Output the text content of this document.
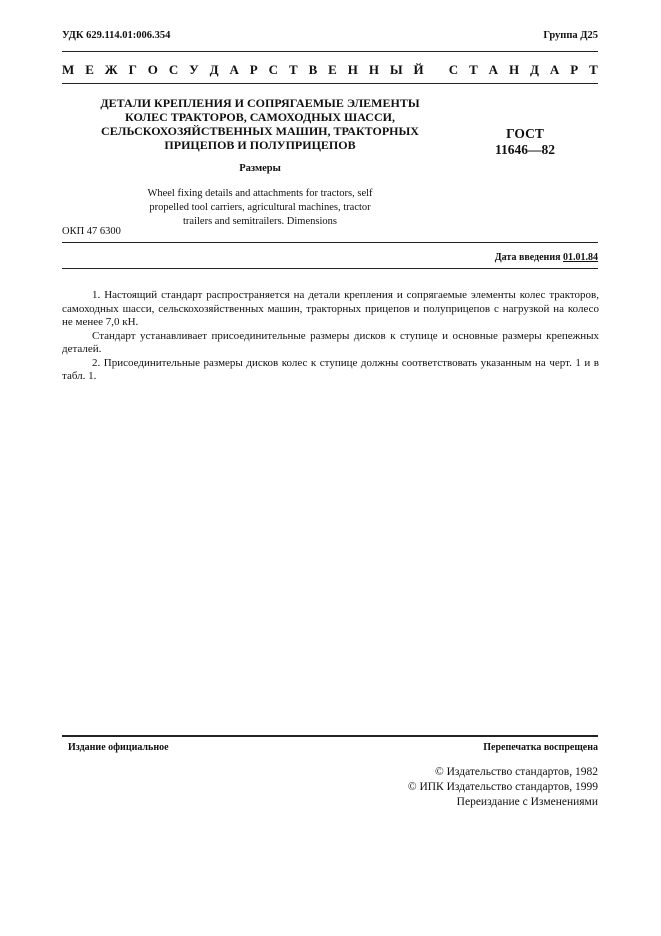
УДК 629.114.01:006.354	Группа Д25
М Е Ж Г О С У Д А Р С Т В Е Н Н Ы Й
С Т А Н Д А Р Т
ДЕТАЛИ КРЕПЛЕНИЯ И СОПРЯГАЕМЫЕ ЭЛЕМЕНТЫ
КОЛЕС ТРАКТОРОВ, САМОХОДНЫХ ШАССИ,
СЕЛЬСКОХОЗЯЙСТВЕННЫХ МАШИН, ТРАКТОРНЫХ
ПРИЦЕПОВ И ПОЛУПРИЦЕПОВ
ГОСТ
11646—82
Размеры
Wheel fixing details and attachments for tractors, self
propelled tool carriers, agricultural machines, tractor
trailers and semitrailers. Dimensions
ОКП 47 6300
Дата введения 01.01.84

1. Настоящий стандарт распространяется на детали крепления и сопрягаемые элементы колес тракторов, самоходных шасси, сельскохозяйственных машин, тракторных прицепов и полуприцепов с нагрузкой на колесо не менее 7,0 кН.

Стандарт устанавливает присоединительные размеры дисков к ступице и основные размеры крепежных деталей.

2. Присоединительные размеры дисков колес к ступице должны соответствовать указанным на черт. 1 и в табл. 1.

Издание официальное	Перепечатка воспрещена
© Издательство стандартов, 1982
© ИПК Издательство стандартов, 1999
Переиздание с Изменениями
